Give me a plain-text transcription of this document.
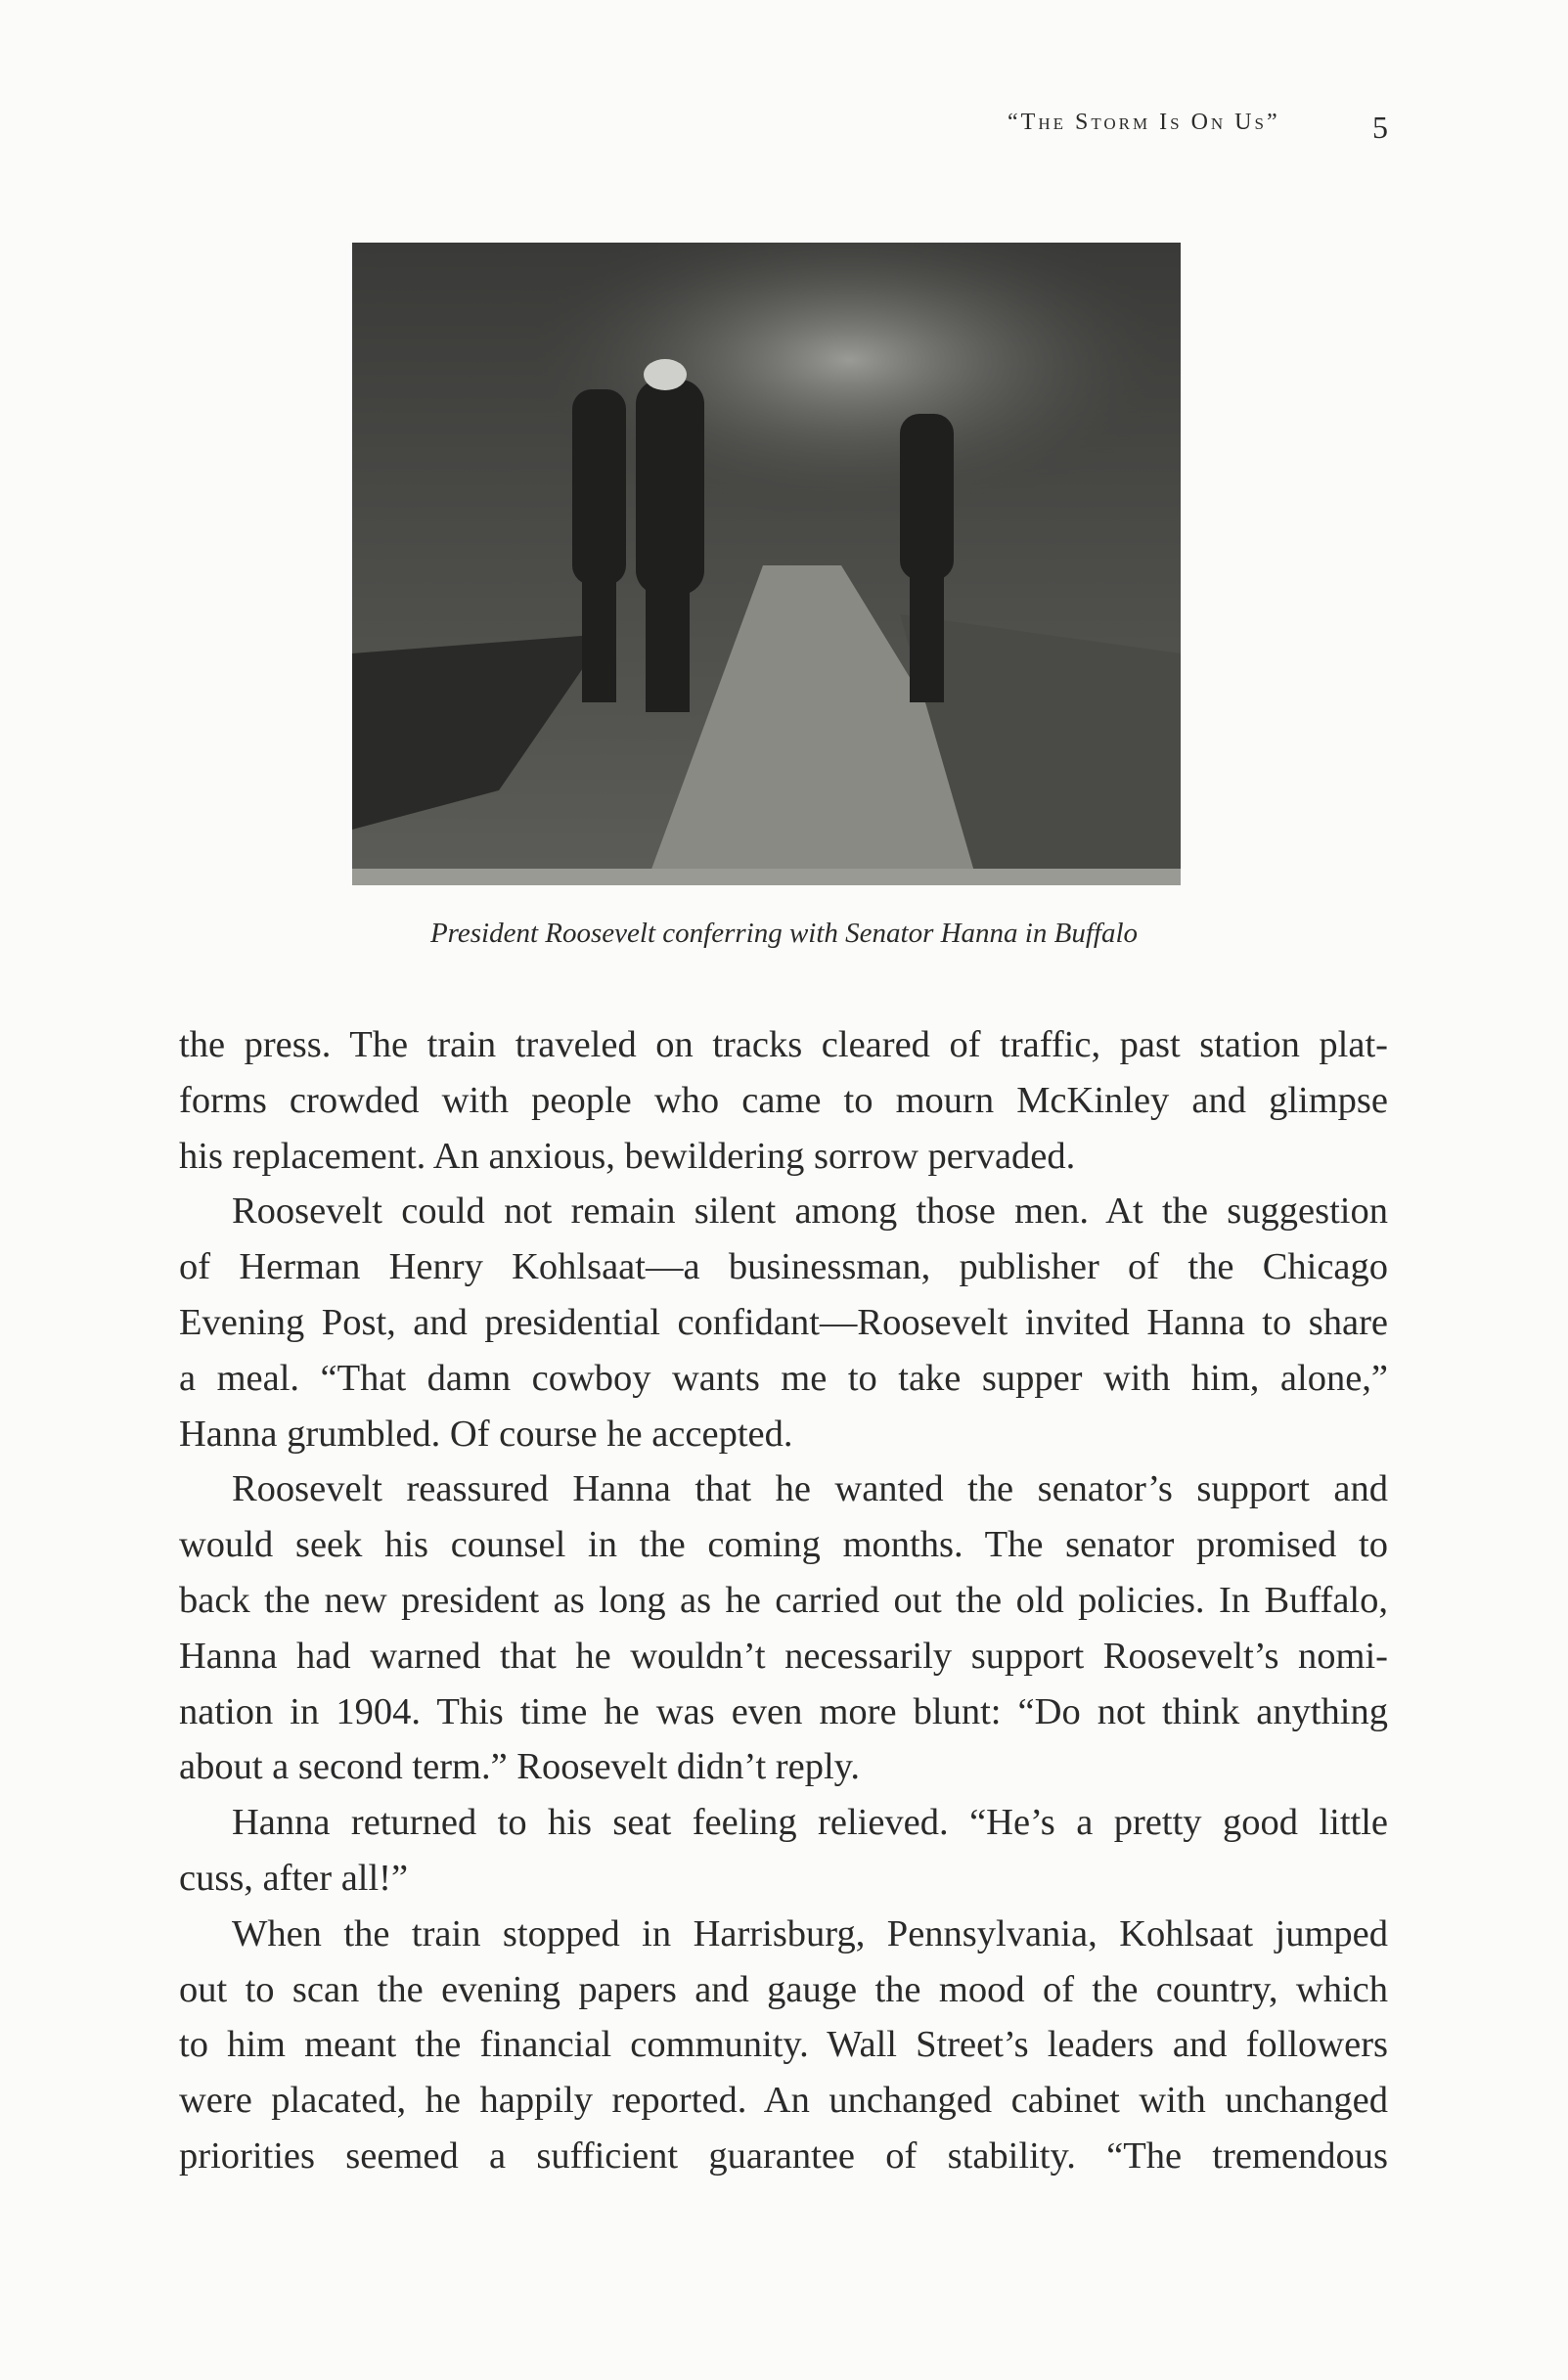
“The Storm Is On Us”	5
President Roosevelt conferring with Senator Hanna in Buffalo
the press. The train traveled on tracks cleared of traffic, past station plat-
forms crowded with people who came to mourn McKinley and glimpse
his replacement. An anxious, bewildering sorrow pervaded.
Roosevelt could not remain silent among those men. At the suggestion
of Herman Henry Kohlsaat—a businessman, publisher of the Chicago
Evening Post, and presidential confidant—Roosevelt invited Hanna to share
a meal. “That damn cowboy wants me to take supper with him, alone,”
Hanna grumbled. Of course he accepted.
Roosevelt reassured Hanna that he wanted the senator’s support and
would seek his counsel in the coming months. The senator promised to
back the new president as long as he carried out the old policies. In Buffalo,
Hanna had warned that he wouldn’t necessarily support Roosevelt’s nomi-
nation in 1904. This time he was even more blunt: “Do not think anything
about a second term.” Roosevelt didn’t reply.
Hanna returned to his seat feeling relieved. “He’s a pretty good little
cuss, after all!”
When the train stopped in Harrisburg, Pennsylvania, Kohlsaat jumped
out to scan the evening papers and gauge the mood of the country, which
to him meant the financial community. Wall Street’s leaders and followers
were placated, he happily reported. An unchanged cabinet with unchanged
priorities seemed a sufficient guarantee of stability. “The tremendous
